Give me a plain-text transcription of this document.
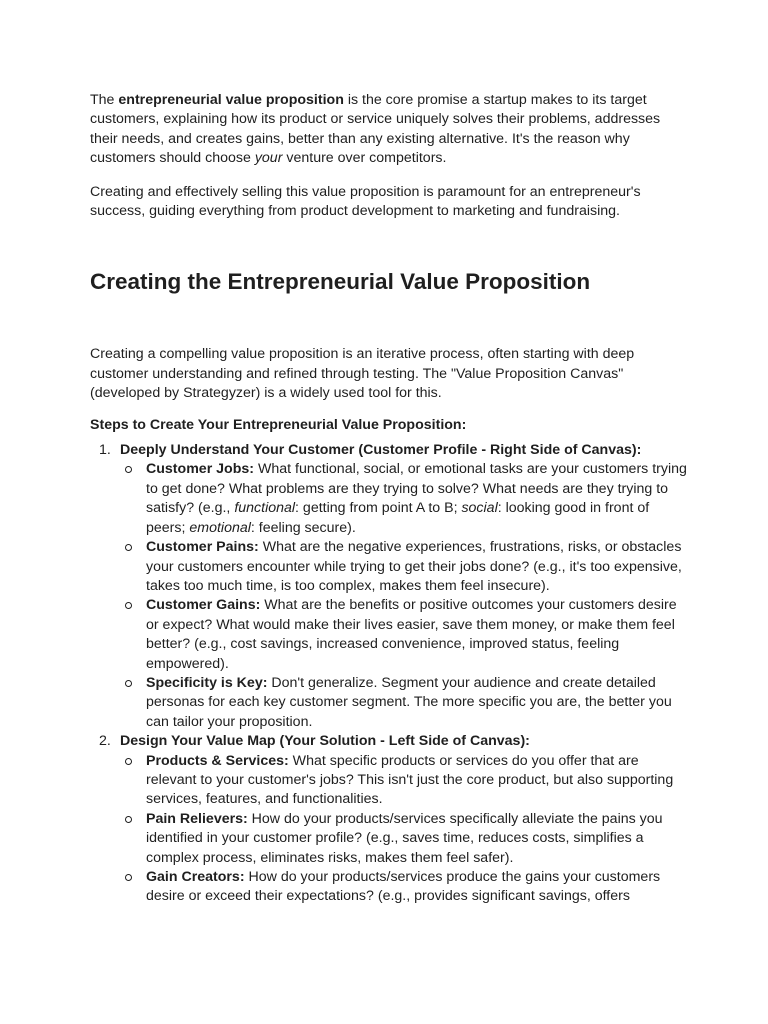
The entrepreneurial value proposition is the core promise a startup makes to its target customers, explaining how its product or service uniquely solves their problems, addresses their needs, and creates gains, better than any existing alternative. It's the reason why customers should choose your venture over competitors.

Creating and effectively selling this value proposition is paramount for an entrepreneur's success, guiding everything from product development to marketing and fundraising.

Creating the Entrepreneurial Value Proposition

Creating a compelling value proposition is an iterative process, often starting with deep customer understanding and refined through testing. The "Value Proposition Canvas" (developed by Strategyzer) is a widely used tool for this.

Steps to Create Your Entrepreneurial Value Proposition:

1. Deeply Understand Your Customer (Customer Profile - Right Side of Canvas):
Customer Jobs: What functional, social, or emotional tasks are your customers trying to get done? What problems are they trying to solve? What needs are they trying to satisfy? (e.g., functional: getting from point A to B; social: looking good in front of peers; emotional: feeling secure).
Customer Pains: What are the negative experiences, frustrations, risks, or obstacles your customers encounter while trying to get their jobs done? (e.g., it's too expensive, takes too much time, is too complex, makes them feel insecure).
Customer Gains: What are the benefits or positive outcomes your customers desire or expect? What would make their lives easier, save them money, or make them feel better? (e.g., cost savings, increased convenience, improved status, feeling empowered).
Specificity is Key: Don't generalize. Segment your audience and create detailed personas for each key customer segment. The more specific you are, the better you can tailor your proposition.
2. Design Your Value Map (Your Solution - Left Side of Canvas):
Products & Services: What specific products or services do you offer that are relevant to your customer's jobs? This isn't just the core product, but also supporting services, features, and functionalities.
Pain Relievers: How do your products/services specifically alleviate the pains you identified in your customer profile? (e.g., saves time, reduces costs, simplifies a complex process, eliminates risks, makes them feel safer).
Gain Creators: How do your products/services produce the gains your customers desire or exceed their expectations? (e.g., provides significant savings, offers
